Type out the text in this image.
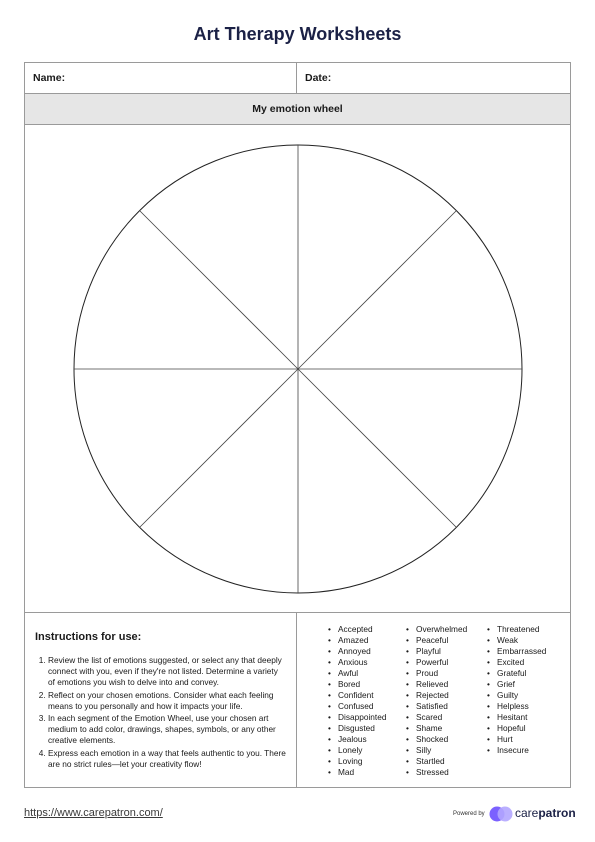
Art Therapy Worksheets
Name:	Date:
My emotion wheel
Instructions for use:
1. Review the list of emotions suggested, or select any that deeply connect with you, even if they're not listed. Determine a variety of emotions you wish to delve into and convey.
2. Reflect on your chosen emotions. Consider what each feeling means to you personally and how it impacts your life.
3. In each segment of the Emotion Wheel, use your chosen art medium to add color, drawings, shapes, symbols, or any other creative elements.
4. Express each emotion in a way that feels authentic to you. There are no strict rules—let your creativity flow!
• Accepted
• Amazed
• Annoyed
• Anxious
• Awful
• Bored
• Confident
• Confused
• Disappointed
• Disgusted
• Jealous
• Lonely
• Loving
• Mad
• Overwhelmed
• Peaceful
• Playful
• Powerful
• Proud
• Relieved
• Rejected
• Satisfied
• Scared
• Shame
• Shocked
• Silly
• Startled
• Stressed
• Threatened
• Weak
• Embarrassed
• Excited
• Grateful
• Grief
• Guilty
• Helpless
• Hesitant
• Hopeful
• Hurt
• Insecure
https://www.carepatron.com/	Powered by	carepatron
